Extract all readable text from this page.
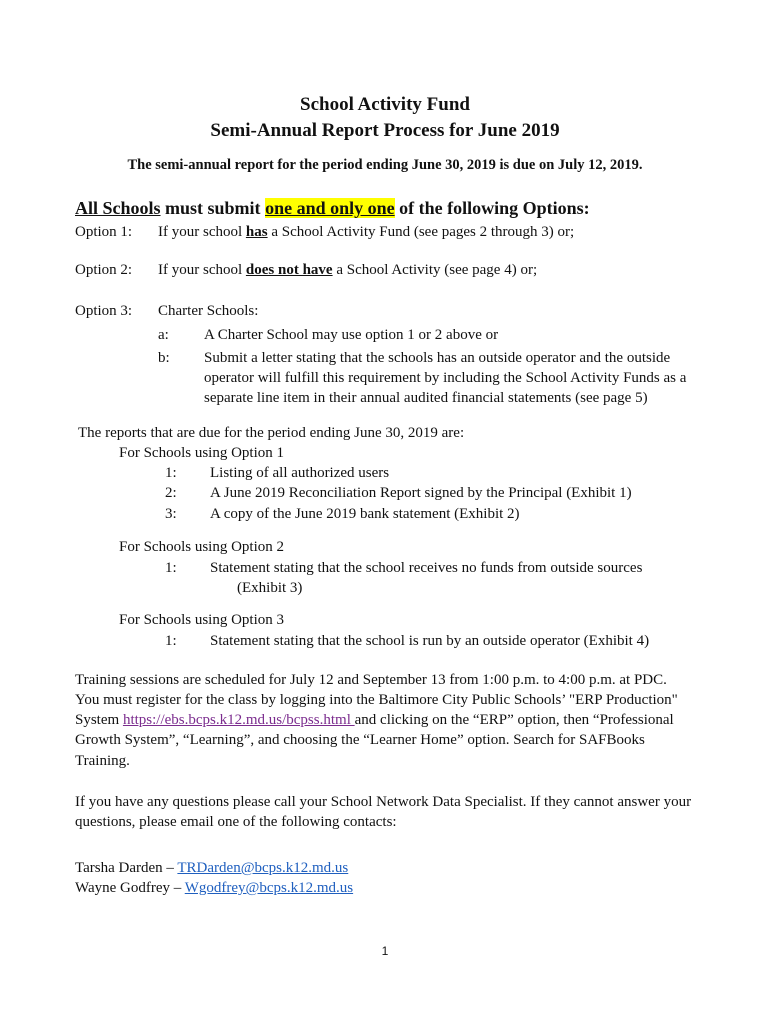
School Activity Fund
Semi-Annual Report Process for June 2019
The semi-annual report for the period ending June 30, 2019 is due on July 12, 2019.
All Schools must submit one and only one of the following Options:
Option 1: If your school has a School Activity Fund (see pages 2 through 3) or;
Option 2: If your school does not have a School Activity (see page 4) or;
Option 3: Charter Schools:
a: A Charter School may use option 1 or 2 above or
b: Submit a letter stating that the schools has an outside operator and the outside
operator will fulfill this requirement by including the School Activity Funds as a
separate line item in their annual audited financial statements (see page 5)
The reports that are due for the period ending June 30, 2019 are:
For Schools using Option 1
1: Listing of all authorized users
2: A June 2019 Reconciliation Report signed by the Principal (Exhibit 1)
3: A copy of the June 2019 bank statement (Exhibit 2)
For Schools using Option 2
1: Statement stating that the school receives no funds from outside sources
(Exhibit 3)
For Schools using Option 3
1: Statement stating that the school is run by an outside operator (Exhibit 4)
Training sessions are scheduled for July 12 and September 13 from 1:00 p.m. to 4:00 p.m. at PDC.
You must register for the class by logging into the Baltimore City Public Schools’ "ERP Production"
System https://ebs.bcps.k12.md.us/bcpss.html and clicking on the “ERP” option, then “Professional
Growth System”, “Learning”, and choosing the “Learner Home” option. Search for SAFBooks
Training.
If you have any questions please call your School Network Data Specialist. If they cannot answer your
questions, please email one of the following contacts:
Tarsha Darden – TRDarden@bcps.k12.md.us
Wayne Godfrey – Wgodfrey@bcps.k12.md.us
1
